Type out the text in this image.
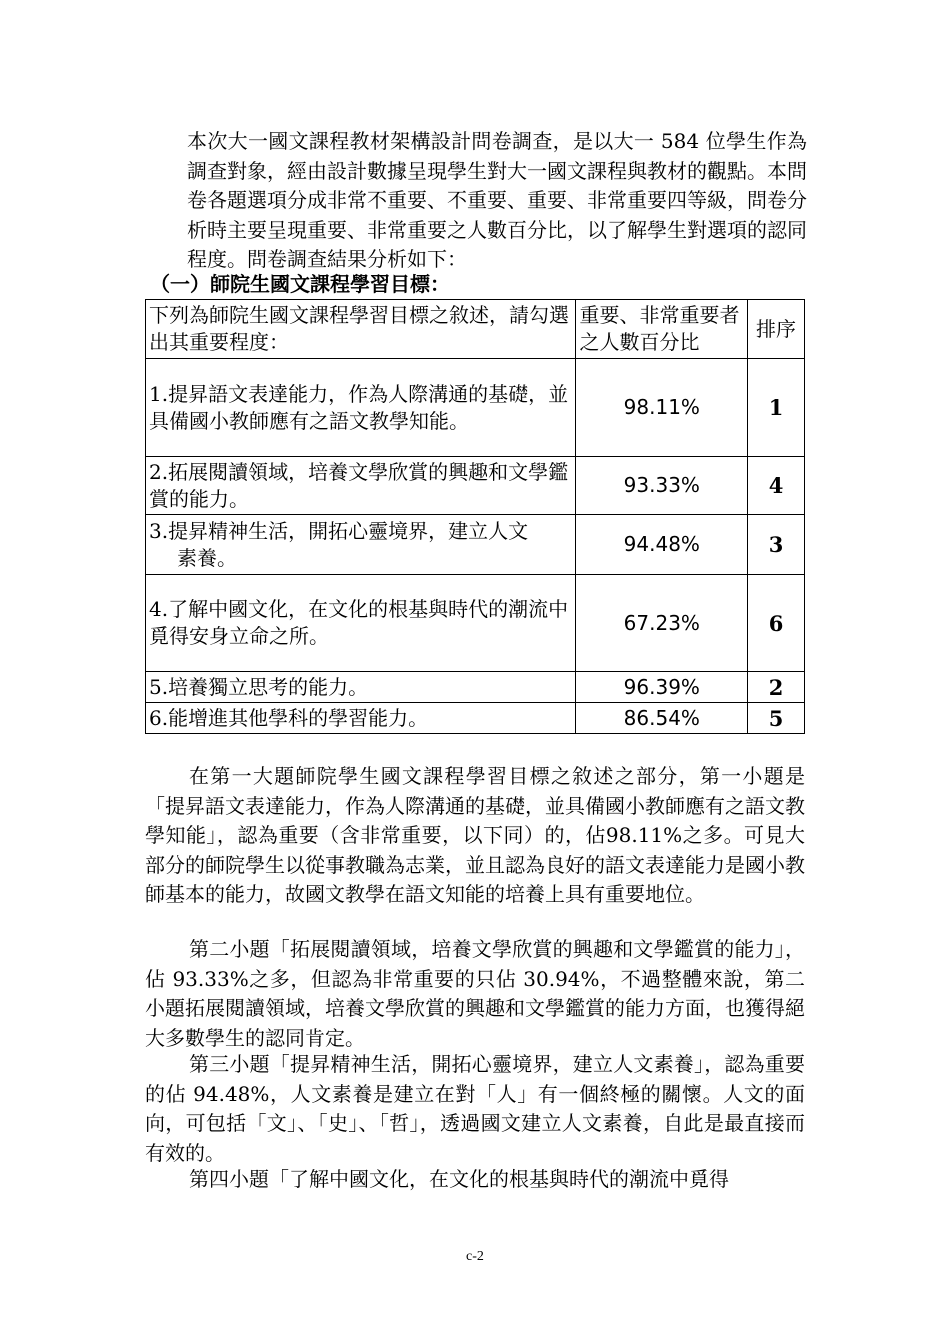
本次大一國文課程教材架構設計問卷調查，是以大一 584 位學生作為調查對象，經由設計數據呈現學生對大一國文課程與教材的觀點。本問卷各題選項分成非常不重要、不重要、重要、非常重要四等級，問卷分析時主要呈現重要、非常重要之人數百分比，以了解學生對選項的認同程度。問卷調查結果分析如下：

（一）師院生國文課程學習目標：

下列為師院生國文課程學習目標之敘述，請勾選出其重要程度：	重要、非常重要者之人數百分比	排序
1.提昇語文表達能力，作為人際溝通的基礎，並具備國小教師應有之語文教學知能。	98.11%	1
2.拓展閱讀領域，培養文學欣賞的興趣和文學鑑賞的能力。	93.33%	4
3.提昇精神生活，開拓心靈境界，建立人文素養。	94.48%	3
4.了解中國文化，在文化的根基與時代的潮流中覓得安身立命之所。	67.23%	6
5.培養獨立思考的能力。	96.39%	2
6.能增進其他學科的學習能力。	86.54%	5

在第一大題師院學生國文課程學習目標之敘述之部分，第一小題是「提昇語文表達能力，作為人際溝通的基礎，並具備國小教師應有之語文教學知能」，認為重要（含非常重要，以下同）的，佔98.11%之多。可見大部分的師院學生以從事教職為志業，並且認為良好的語文表達能力是國小教師基本的能力，故國文教學在語文知能的培養上具有重要地位。

第二小題「拓展閱讀領域，培養文學欣賞的興趣和文學鑑賞的能力」，佔 93.33%之多，但認為非常重要的只佔 30.94%，不過整體來說，第二小題拓展閱讀領域，培養文學欣賞的興趣和文學鑑賞的能力方面，也獲得絕大多數學生的認同肯定。

第三小題「提昇精神生活，開拓心靈境界，建立人文素養」，認為重要的佔 94.48%，人文素養是建立在對「人」有一個終極的關懷。人文的面向，可包括「文」、「史」、「哲」，透過國文建立人文素養，自此是最直接而有效的。

第四小題「了解中國文化，在文化的根基與時代的潮流中覓得

c-2
